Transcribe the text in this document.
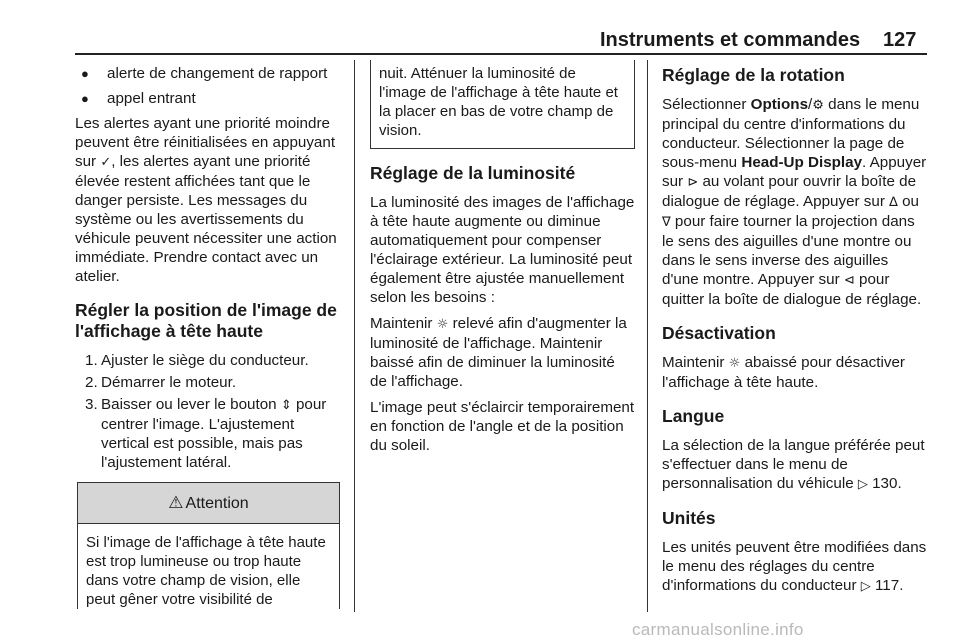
Instruments et commandes 127
● alerte de changement de rapport
● appel entrant

Les alertes ayant une priorité moindre peuvent être réinitialisées en appuyant sur ✓, les alertes ayant une priorité élevée restent affichées tant que le danger persiste. Les messages du système ou les avertissements du véhicule peuvent nécessiter une action immédiate. Prendre contact avec un atelier.

Régler la position de l'image de l'affichage à tête haute
1. Ajuster le siège du conducteur.
2. Démarrer le moteur.
3. Baisser ou lever le bouton ⇕ pour centrer l'image. L'ajustement vertical est possible, mais pas l'ajustement latéral.
⚠ Attention
Si l'image de l'affichage à tête haute est trop lumineuse ou trop haute dans votre champ de vision, elle peut gêner votre visibilité de
nuit. Atténuer la luminosité de l'image de l'affichage à tête haute et la placer en bas de votre champ de vision.
Réglage de la luminosité

La luminosité des images de l'affichage à tête haute augmente ou diminue automatiquement pour compenser l'éclairage extérieur. La luminosité peut également être ajustée manuellement selon les besoins :

Maintenir ☼ relevé afin d'augmenter la luminosité de l'affichage. Maintenir baissé afin de diminuer la luminosité de l'affichage.

L'image peut s'éclaircir temporairement en fonction de l'angle et de la position du soleil.

Réglage de la rotation

Sélectionner Options/⚙ dans le menu principal du centre d'informations du conducteur. Sélectionner la page de sous-menu Head-Up Display. Appuyer sur ⊳ au volant pour ouvrir la boîte de dialogue de réglage. Appuyer sur ∆ ou ∇ pour faire tourner la projection dans le sens des aiguilles d'une montre ou dans le sens inverse des aiguilles d'une montre. Appuyer sur ⊲ pour quitter la boîte de dialogue de réglage.

Désactivation

Maintenir ☼ abaissé pour désactiver l'affichage à tête haute.

Langue

La sélection de la langue préférée peut s'effectuer dans le menu de personnalisation du véhicule ▷ 130.

Unités

Les unités peuvent être modifiées dans le menu des réglages du centre d'informations du conducteur ▷ 117.

carmanualsonline.info
